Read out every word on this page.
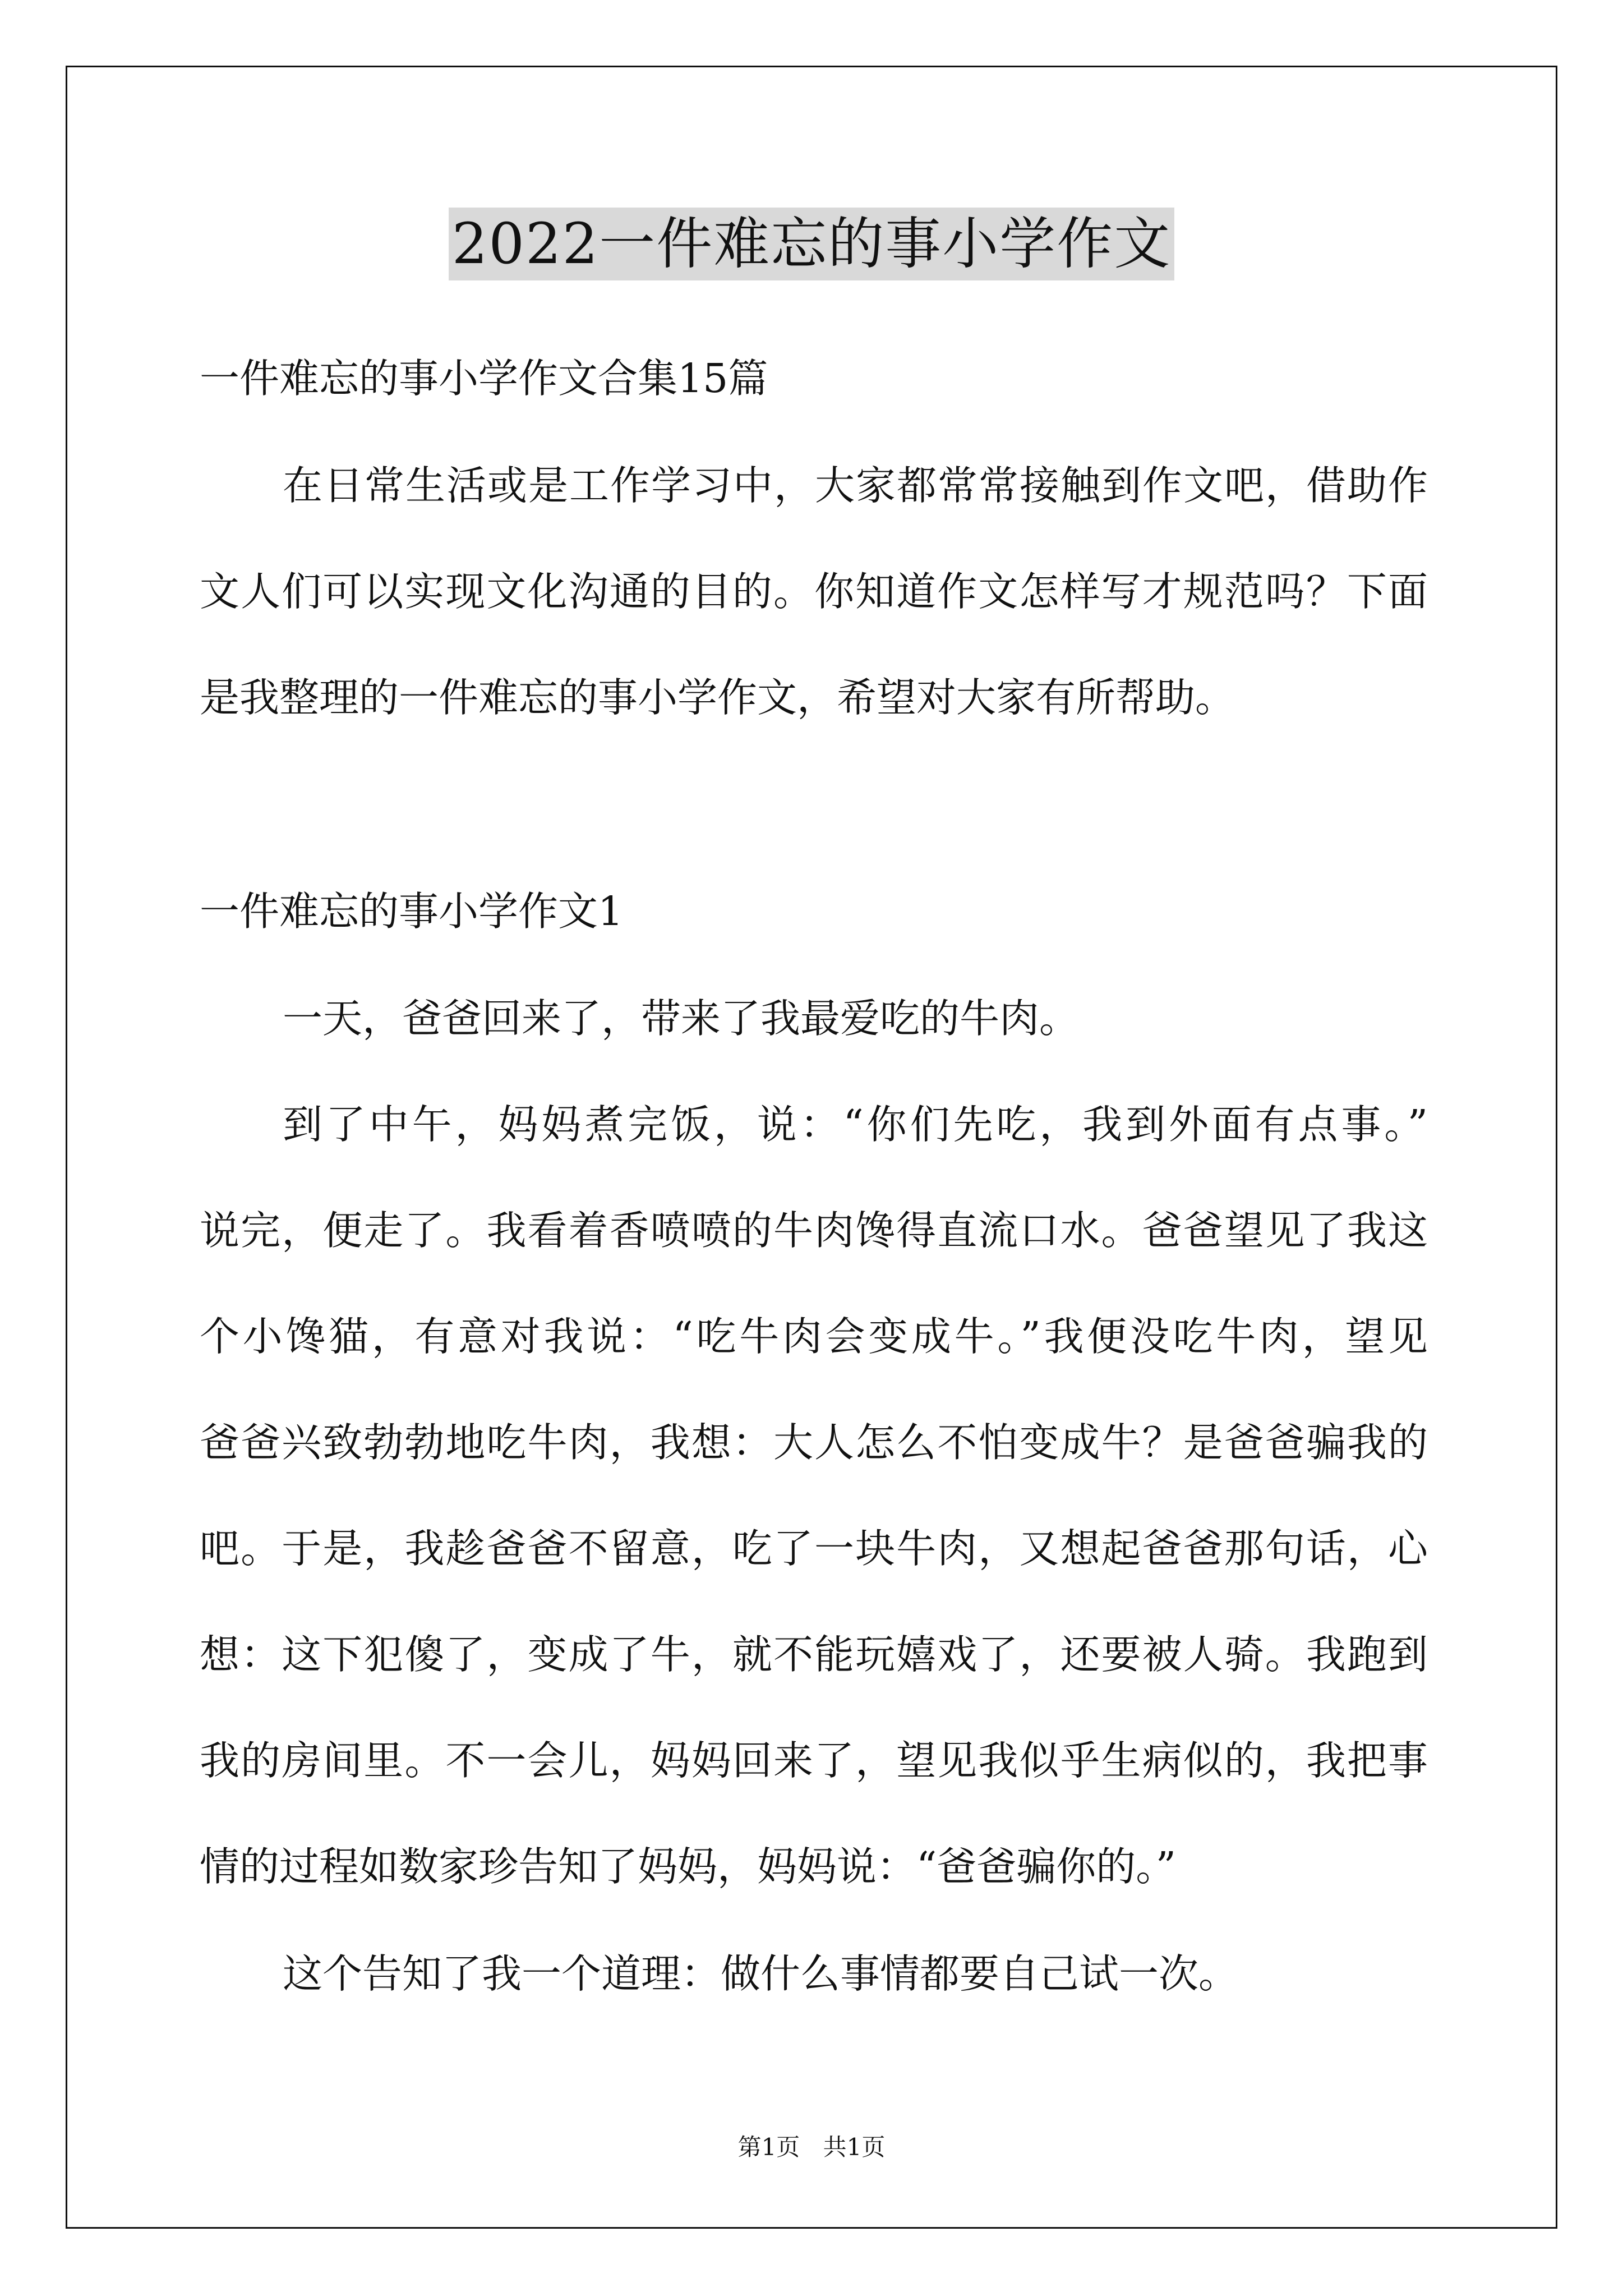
2022一件难忘的事小学作文
一件难忘的事小学作文合集15篇
在日常生活或是工作学习中，大家都常常接触到作文吧，借助作
文人们可以实现文化沟通的目的。你知道作文怎样写才规范吗？下面
是我整理的一件难忘的事小学作文，希望对大家有所帮助。
一件难忘的事小学作文1
一天，爸爸回来了，带来了我最爱吃的牛肉。
到了中午，妈妈煮完饭，说：“你们先吃，我到外面有点事。”
说完，便走了。我看着香喷喷的牛肉馋得直流口水。爸爸望见了我这
个小馋猫，有意对我说：“吃牛肉会变成牛。”我便没吃牛肉，望见
爸爸兴致勃勃地吃牛肉，我想：大人怎么不怕变成牛？是爸爸骗我的
吧。于是，我趁爸爸不留意，吃了一块牛肉，又想起爸爸那句话，心
想：这下犯傻了，变成了牛，就不能玩嬉戏了，还要被人骑。我跑到
我的房间里。不一会儿，妈妈回来了，望见我似乎生病似的，我把事
情的过程如数家珍告知了妈妈，妈妈说：“爸爸骗你的。”
这个告知了我一个道理：做什么事情都要自己试一次。
第1页 共1页
